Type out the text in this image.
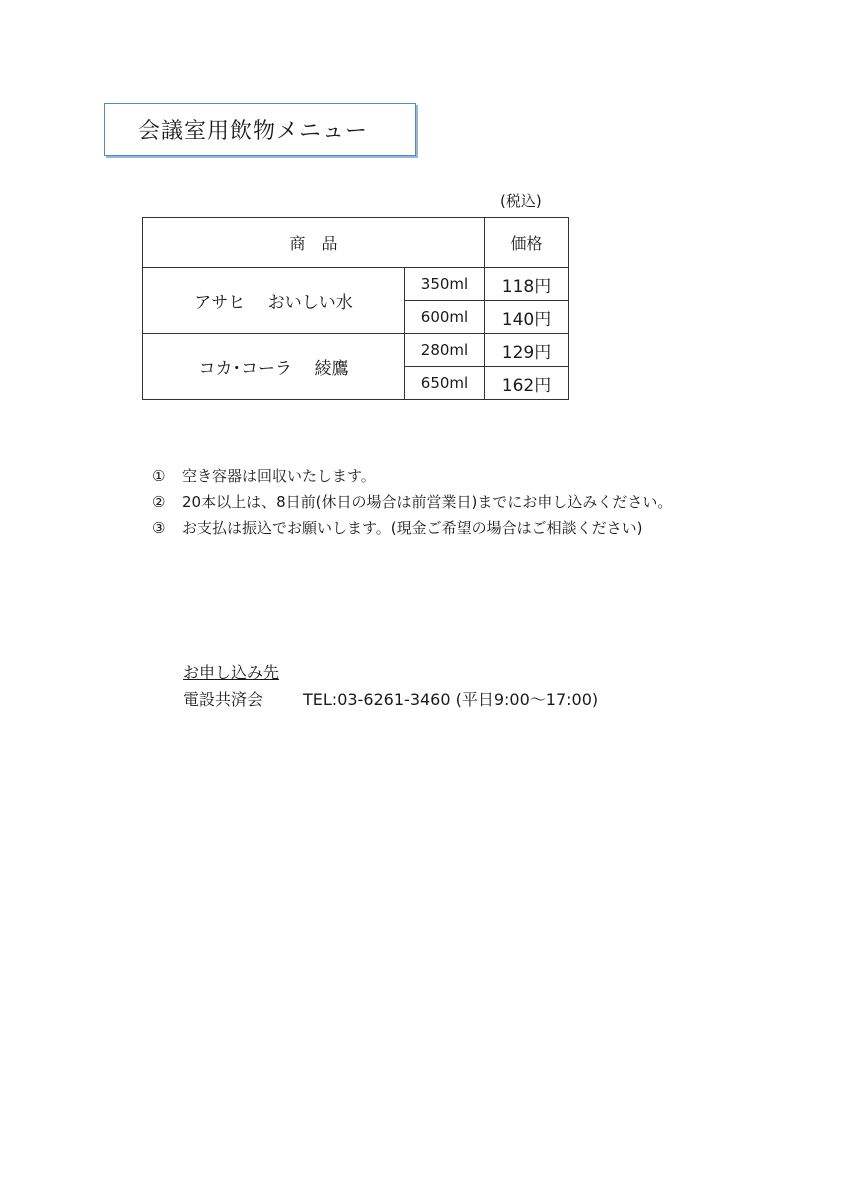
会議室用飲物メニュー
(税込)
商　品		価格
アサヒ　 おいしい水	350ml	118円
	600ml	140円
コカ･コーラ　 綾鷹	280ml	129円
	650ml	162円
① 空き容器は回収いたします。
② 20本以上は、8日前(休日の場合は前営業日)までにお申し込みください。
③ お支払は振込でお願いします。(現金ご希望の場合はご相談ください)
お申し込み先
電設共済会 TEL:03-6261-3460 (平日9:00～17:00)
